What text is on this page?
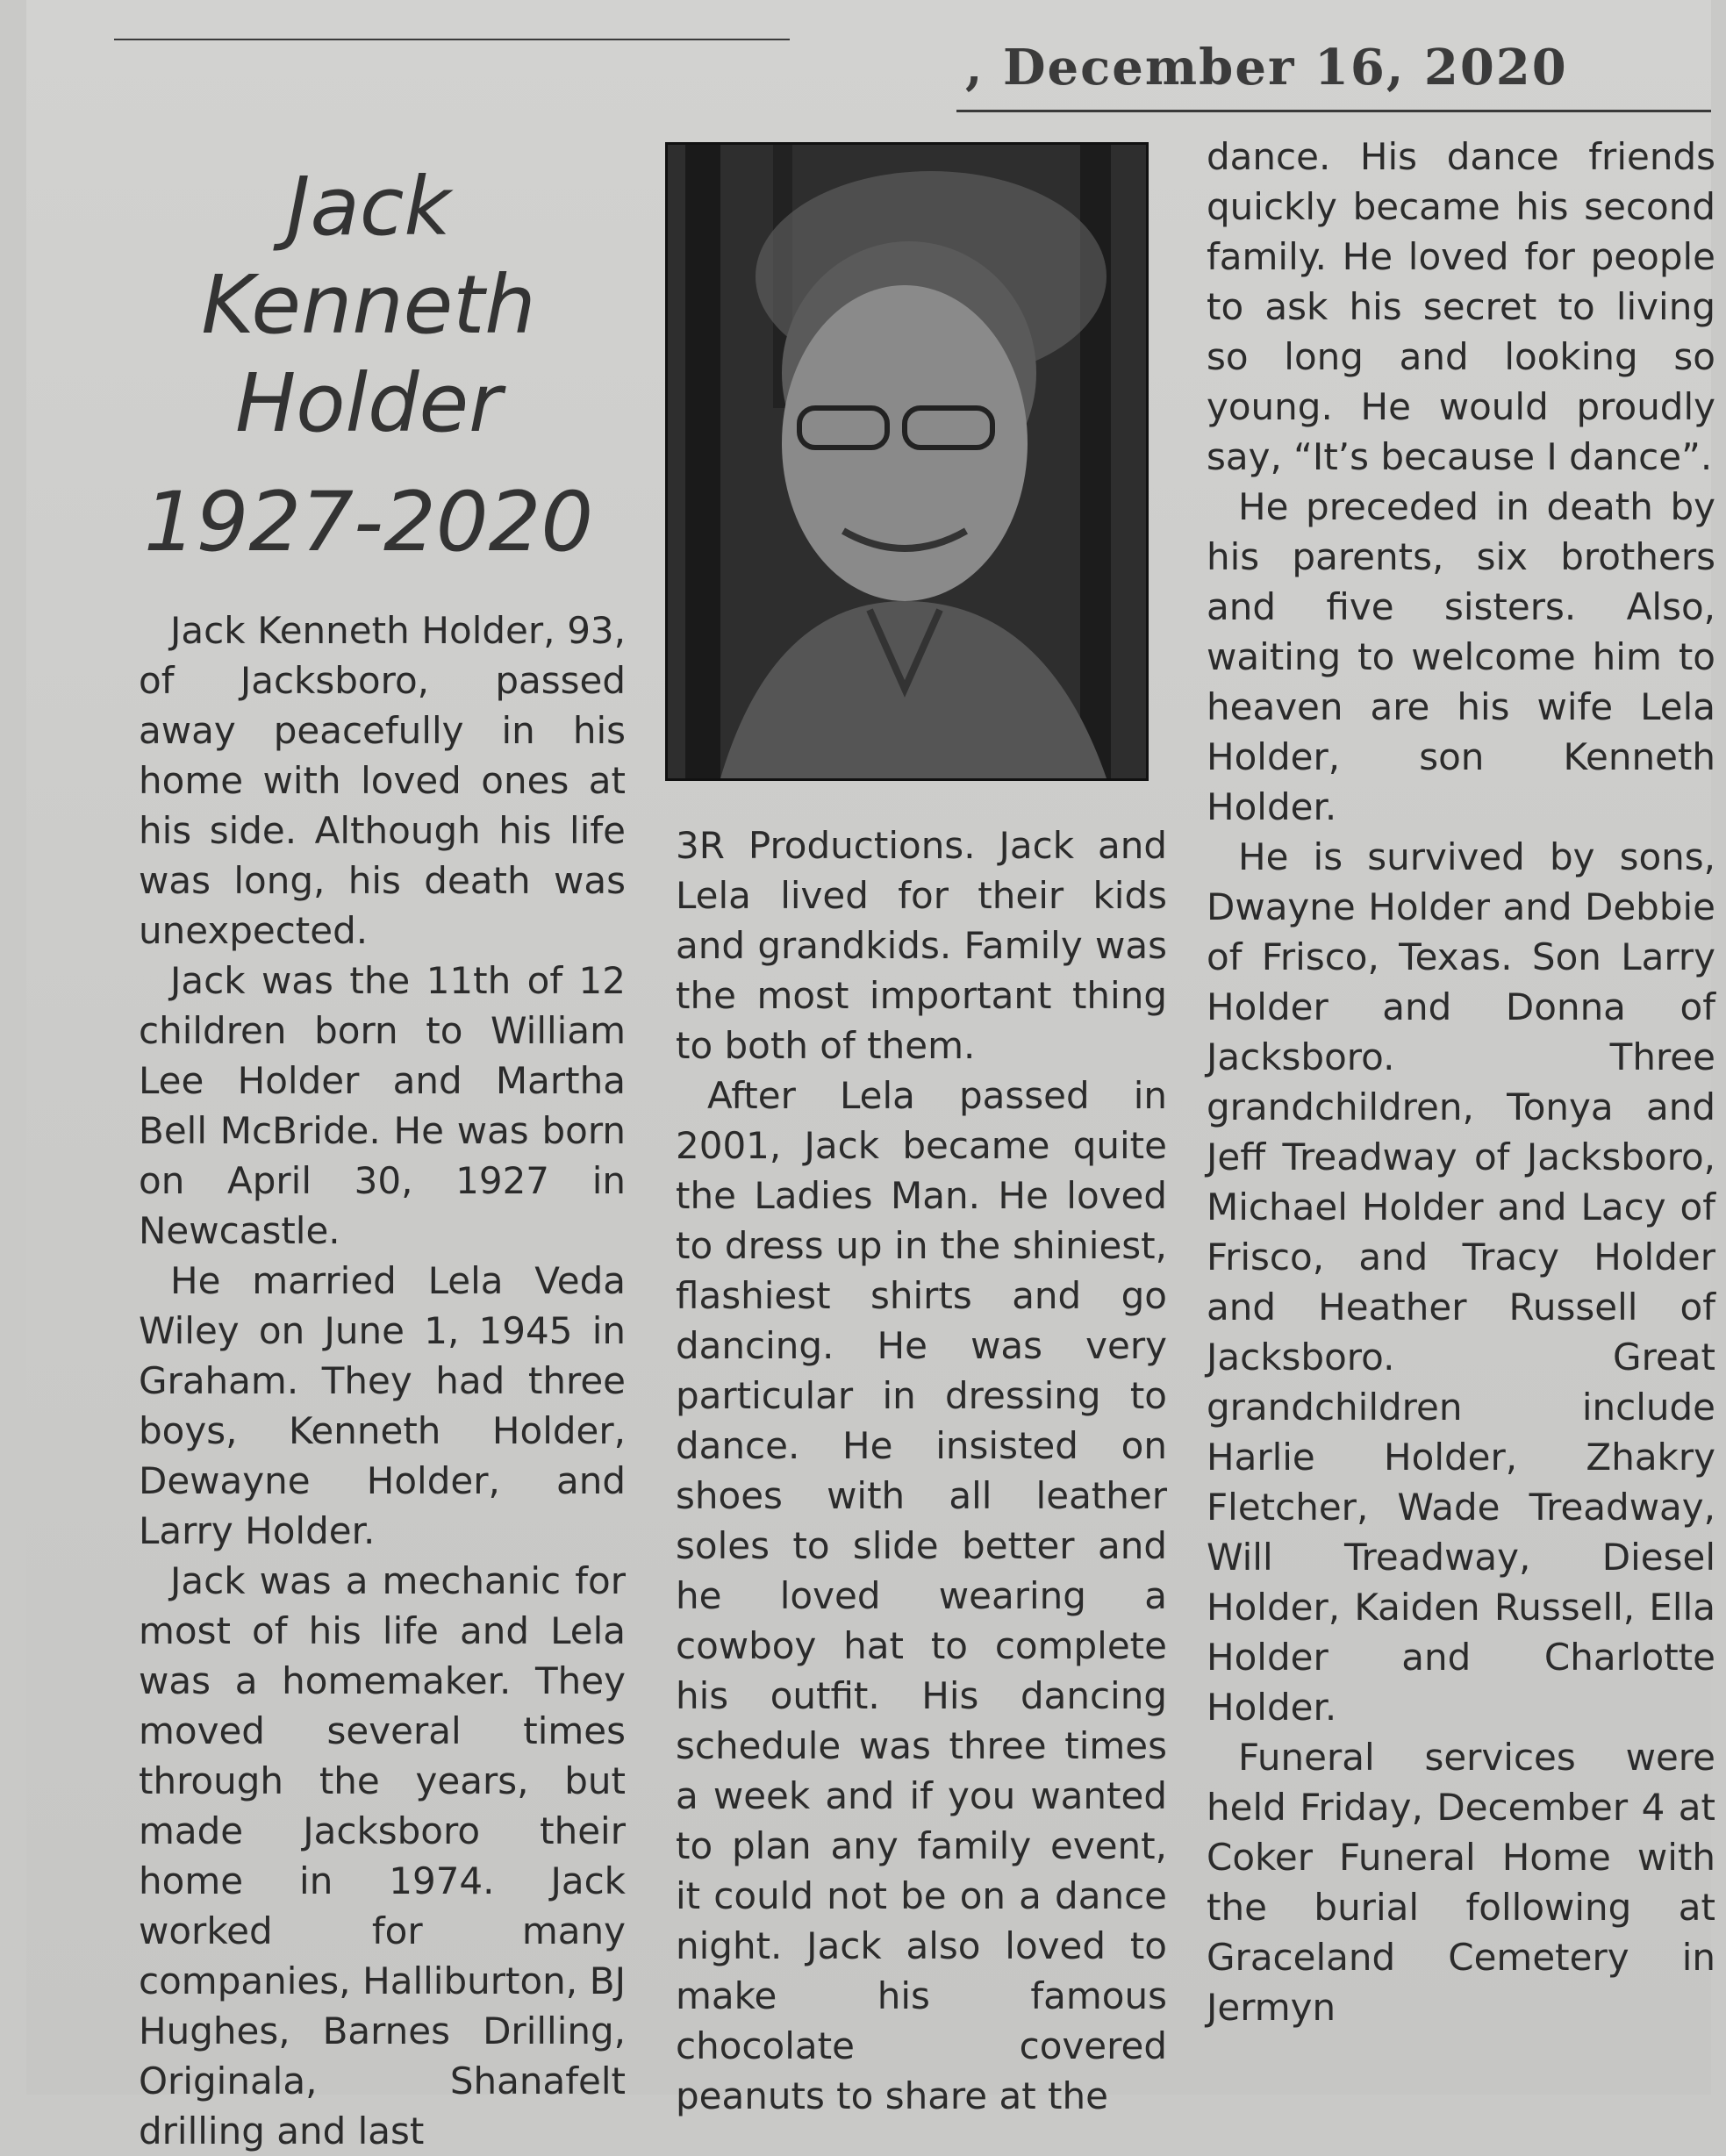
, December 16, 2020
Jack
Kenneth
Holder
1927-2020

Jack Kenneth Holder, 93, of Jacksboro, passed away peacefully in his home with loved ones at his side. Although his life was long, his death was unexpected.

Jack was the 11th of 12 children born to William Lee Holder and Martha Bell McBride. He was born on April 30, 1927 in Newcastle.

He married Lela Veda Wiley on June 1, 1945 in Graham. They had three boys, Kenneth Holder, Dewayne Holder, and Larry Holder.

Jack was a mechanic for most of his life and Lela was a homemaker. They moved several times through the years, but made Jacksboro their home in 1974. Jack worked for many companies, Halliburton, BJ Hughes, Barnes Drilling, Originala, Shanafelt drilling and last

3R Productions. Jack and Lela lived for their kids and grandkids. Family was the most important thing to both of them.

After Lela passed in 2001, Jack became quite the Ladies Man. He loved to dress up in the shiniest, flashiest shirts and go dancing. He was very particular in dressing to dance. He insisted on shoes with all leather soles to slide better and he loved wearing a cowboy hat to complete his outfit. His dancing schedule was three times a week and if you wanted to plan any family event, it could not be on a dance night. Jack also loved to make his famous chocolate covered peanuts to share at the

dance. His dance friends quickly became his second family. He loved for people to ask his secret to living so long and looking so young. He would proudly say, “It’s because I dance”.

He preceded in death by his parents, six brothers and five sisters. Also, waiting to welcome him to heaven are his wife Lela Holder, son Kenneth Holder.

He is survived by sons, Dwayne Holder and Debbie of Frisco, Texas. Son Larry Holder and Donna of Jacksboro. Three grandchildren, Tonya and Jeff Treadway of Jacksboro, Michael Holder and Lacy of Frisco, and Tracy Holder and Heather Russell of Jacksboro. Great grandchildren include Harlie Holder, Zhakry Fletcher, Wade Treadway, Will Treadway, Diesel Holder, Kaiden Russell, Ella Holder and Charlotte Holder.

Funeral services were held Friday, December 4 at Coker Funeral Home with the burial following at Graceland Cemetery in Jermyn
